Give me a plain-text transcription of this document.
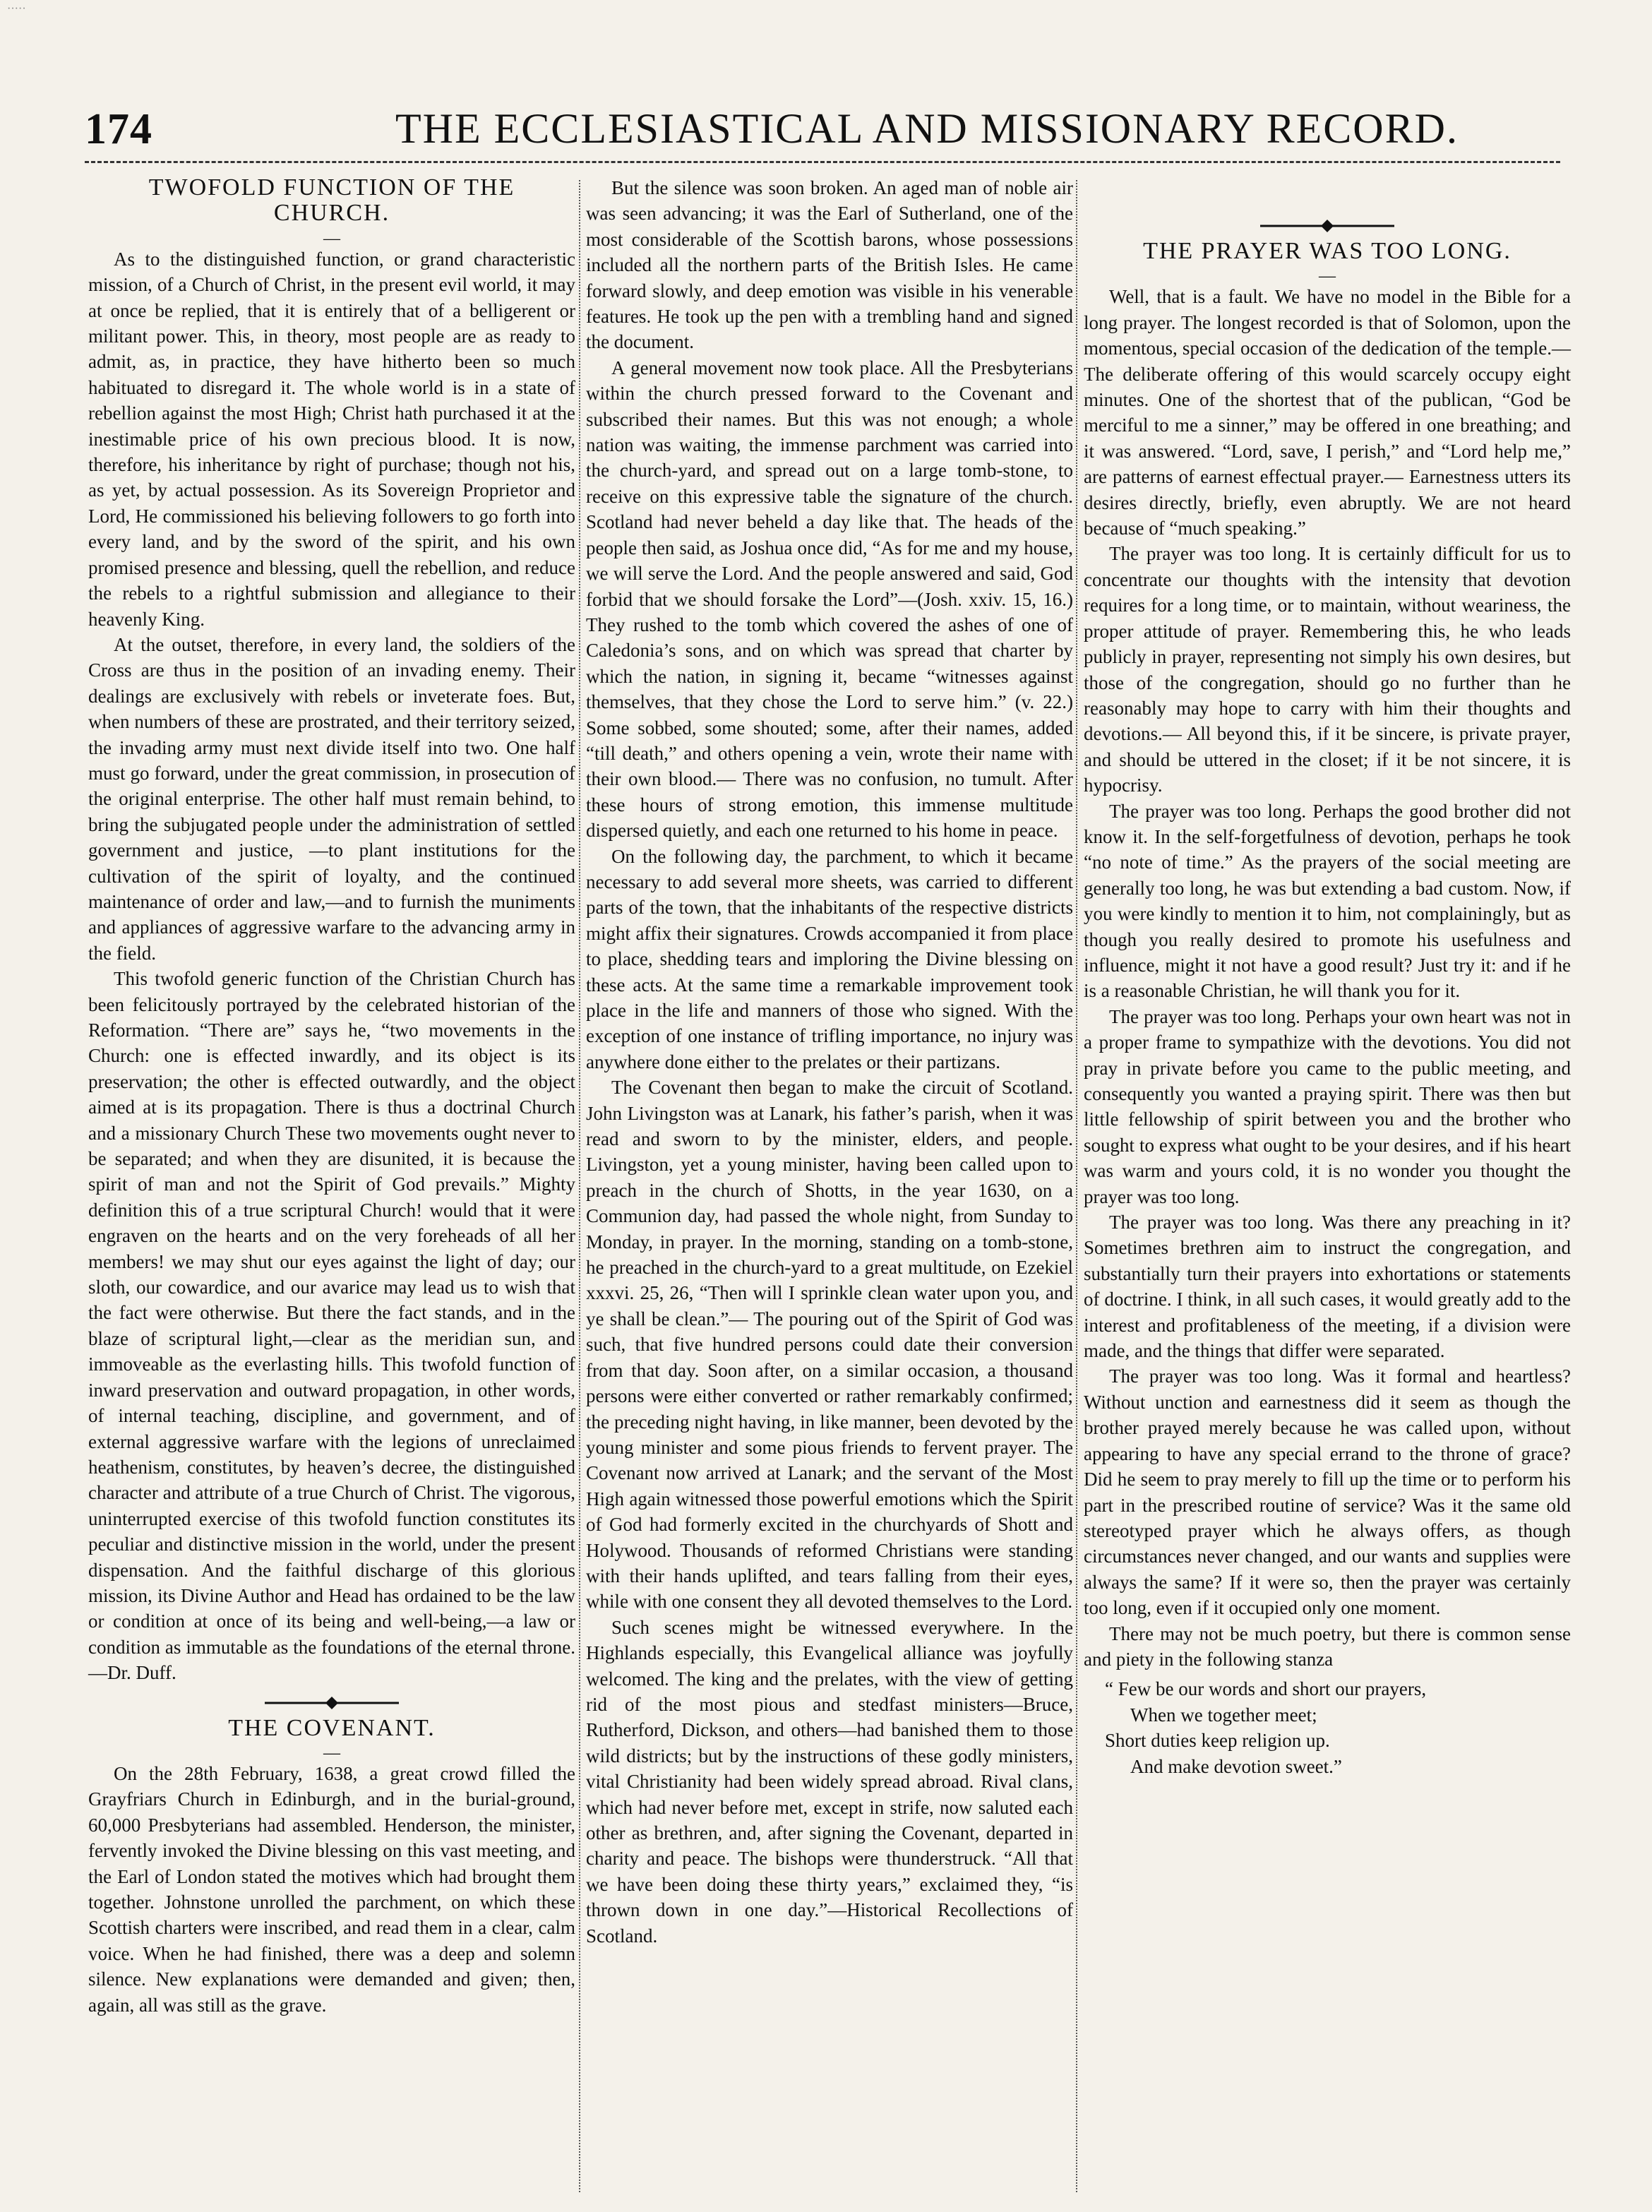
·····
174	THE ECCLESIASTICAL AND MISSIONARY RECORD.
TWOFOLD FUNCTION OF THE CHURCH.
—

As to the distinguished function, or grand characteristic mission, of a Church of Christ, in the present evil world, it may at once be replied, that it is entirely that of a belligerent or militant power. This, in theory, most people are as ready to admit, as, in practice, they have hitherto been so much habituated to disregard it. The whole world is in a state of rebellion against the most High; Christ hath purchased it at the inestimable price of his own precious blood. It is now, therefore, his inheritance by right of purchase; though not his, as yet, by actual possession. As its Sovereign Proprietor and Lord, He commissioned his believing followers to go forth into every land, and by the sword of the spirit, and his own promised presence and blessing, quell the rebellion, and reduce the rebels to a rightful submission and allegiance to their heavenly King.

At the outset, therefore, in every land, the soldiers of the Cross are thus in the position of an invading enemy. Their dealings are exclusively with rebels or inveterate foes. But, when numbers of these are prostrated, and their territory seized, the invading army must next divide itself into two. One half must go forward, under the great commission, in prosecution of the original enterprise. The other half must remain behind, to bring the subjugated people under the administration of settled government and justice, —to plant institutions for the cultivation of the spirit of loyalty, and the continued maintenance of order and law,—and to furnish the muniments and appliances of aggressive warfare to the advancing army in the field.

This twofold generic function of the Christian Church has been felicitously portrayed by the celebrated historian of the Reformation. “There are” says he, “two movements in the Church: one is effected inwardly, and its object is its preservation; the other is effected outwardly, and the object aimed at is its propagation. There is thus a doctrinal Church and a missionary Church These two movements ought never to be separated; and when they are disunited, it is because the spirit of man and not the Spirit of God prevails.” Mighty definition this of a true scriptural Church! would that it were engraven on the hearts and on the very foreheads of all her members! we may shut our eyes against the light of day; our sloth, our cowardice, and our avarice may lead us to wish that the fact were otherwise. But there the fact stands, and in the blaze of scriptural light,—clear as the meridian sun, and immoveable as the everlasting hills. This twofold function of inward preservation and outward propagation, in other words, of internal teaching, discipline, and government, and of external aggressive warfare with the legions of unreclaimed heathenism, constitutes, by heaven’s decree, the distinguished character and attribute of a true Church of Christ. The vigorous, uninterrupted exercise of this twofold function constitutes its peculiar and distinctive mission in the world, under the present dispensation. And the faithful discharge of this glorious mission, its Divine Author and Head has ordained to be the law or condition at once of its being and well-being,—a law or condition as immutable as the foundations of the eternal throne.—Dr. Duff.

THE COVENANT.
—

On the 28th February, 1638, a great crowd filled the Grayfriars Church in Edinburgh, and in the burial-ground, 60,000 Presbyterians had assembled. Henderson, the minister, fervently invoked the Divine blessing on this vast meeting, and the Earl of London stated the motives which had brought them together. Johnstone unrolled the parchment, on which these Scottish charters were inscribed, and read them in a clear, calm voice. When he had finished, there was a deep and solemn silence. New explanations were demanded and given; then, again, all was still as the grave.

But the silence was soon broken. An aged man of noble air was seen advancing; it was the Earl of Sutherland, one of the most considerable of the Scottish barons, whose possessions included all the northern parts of the British Isles. He came forward slowly, and deep emotion was visible in his venerable features. He took up the pen with a trembling hand and signed the document.

A general movement now took place. All the Presbyterians within the church pressed forward to the Covenant and subscribed their names. But this was not enough; a whole nation was waiting, the immense parchment was carried into the church-yard, and spread out on a large tomb-stone, to receive on this expressive table the signature of the church. Scotland had never beheld a day like that. The heads of the people then said, as Joshua once did, “As for me and my house, we will serve the Lord. And the people answered and said, God forbid that we should forsake the Lord”—(Josh. xxiv. 15, 16.) They rushed to the tomb which covered the ashes of one of Caledonia’s sons, and on which was spread that charter by which the nation, in signing it, became “witnesses against themselves, that they chose the Lord to serve him.” (v. 22.) Some sobbed, some shouted; some, after their names, added “till death,” and others opening a vein, wrote their name with their own blood.— There was no confusion, no tumult. After these hours of strong emotion, this immense multitude dispersed quietly, and each one returned to his home in peace.

On the following day, the parchment, to which it became necessary to add several more sheets, was carried to different parts of the town, that the inhabitants of the respective districts might affix their signatures. Crowds accompanied it from place to place, shedding tears and imploring the Divine blessing on these acts. At the same time a remarkable improvement took place in the life and manners of those who signed. With the exception of one instance of trifling importance, no injury was anywhere done either to the prelates or their partizans.

The Covenant then began to make the circuit of Scotland. John Livingston was at Lanark, his father’s parish, when it was read and sworn to by the minister, elders, and people. Livingston, yet a young minister, having been called upon to preach in the church of Shotts, in the year 1630, on a Communion day, had passed the whole night, from Sunday to Monday, in prayer. In the morning, standing on a tomb-stone, he preached in the church-yard to a great multitude, on Ezekiel xxxvi. 25, 26, “Then will I sprinkle clean water upon you, and ye shall be clean.”— The pouring out of the Spirit of God was such, that five hundred persons could date their conversion from that day. Soon after, on a similar occasion, a thousand persons were either converted or rather remarkably confirmed; the preceding night having, in like manner, been devoted by the young minister and some pious friends to fervent prayer. The Covenant now arrived at Lanark; and the servant of the Most High again witnessed those powerful emotions which the Spirit of God had formerly excited in the churchyards of Shott and Holywood. Thousands of reformed Christians were standing with their hands uplifted, and tears falling from their eyes, while with one consent they all devoted themselves to the Lord.

Such scenes might be witnessed everywhere. In the Highlands especially, this Evangelical alliance was joyfully welcomed. The king and the prelates, with the view of getting rid of the most pious and stedfast ministers—Bruce, Rutherford, Dickson, and others—had banished them to those wild districts; but by the instructions of these godly ministers, vital Christianity had been widely spread abroad. Rival clans, which had never before met, except in strife, now saluted each other as brethren, and, after signing the Covenant, departed in charity and peace. The bishops were thunderstruck. “All that we have been doing these thirty years,” exclaimed they, “is thrown down in one day.”—Historical Recollections of Scotland.

THE PRAYER WAS TOO LONG.
—

Well, that is a fault. We have no model in the Bible for a long prayer. The longest recorded is that of Solomon, upon the momentous, special occasion of the dedication of the temple.— The deliberate offering of this would scarcely occupy eight minutes. One of the shortest that of the publican, “God be merciful to me a sinner,” may be offered in one breathing; and it was answered. “Lord, save, I perish,” and “Lord help me,” are patterns of earnest effectual prayer.— Earnestness utters its desires directly, briefly, even abruptly. We are not heard because of “much speaking.”

The prayer was too long. It is certainly difficult for us to concentrate our thoughts with the intensity that devotion requires for a long time, or to maintain, without weariness, the proper attitude of prayer. Remembering this, he who leads publicly in prayer, representing not simply his own desires, but those of the congregation, should go no further than he reasonably may hope to carry with him their thoughts and devotions.— All beyond this, if it be sincere, is private prayer, and should be uttered in the closet; if it be not sincere, it is hypocrisy.

The prayer was too long. Perhaps the good brother did not know it. In the self-forgetfulness of devotion, perhaps he took “no note of time.” As the prayers of the social meeting are generally too long, he was but extending a bad custom. Now, if you were kindly to mention it to him, not complainingly, but as though you really desired to promote his usefulness and influence, might it not have a good result? Just try it: and if he is a reasonable Christian, he will thank you for it.

The prayer was too long. Perhaps your own heart was not in a proper frame to sympathize with the devotions. You did not pray in private before you came to the public meeting, and consequently you wanted a praying spirit. There was then but little fellowship of spirit between you and the brother who sought to express what ought to be your desires, and if his heart was warm and yours cold, it is no wonder you thought the prayer was too long.

The prayer was too long. Was there any preaching in it? Sometimes brethren aim to instruct the congregation, and substantially turn their prayers into exhortations or statements of doctrine. I think, in all such cases, it would greatly add to the interest and profitableness of the meeting, if a division were made, and the things that differ were separated.

The prayer was too long. Was it formal and heartless? Without unction and earnestness did it seem as though the brother prayed merely because he was called upon, without appearing to have any special errand to the throne of grace? Did he seem to pray merely to fill up the time or to perform his part in the prescribed routine of service? Was it the same old stereotyped prayer which he always offers, as though circumstances never changed, and our wants and supplies were always the same? If it were so, then the prayer was certainly too long, even if it occupied only one moment.

There may not be much poetry, but there is common sense and piety in the following stanza

“ Few be our words and short our prayers,
When we together meet;
Short duties keep religion up.
And make devotion sweet.”
